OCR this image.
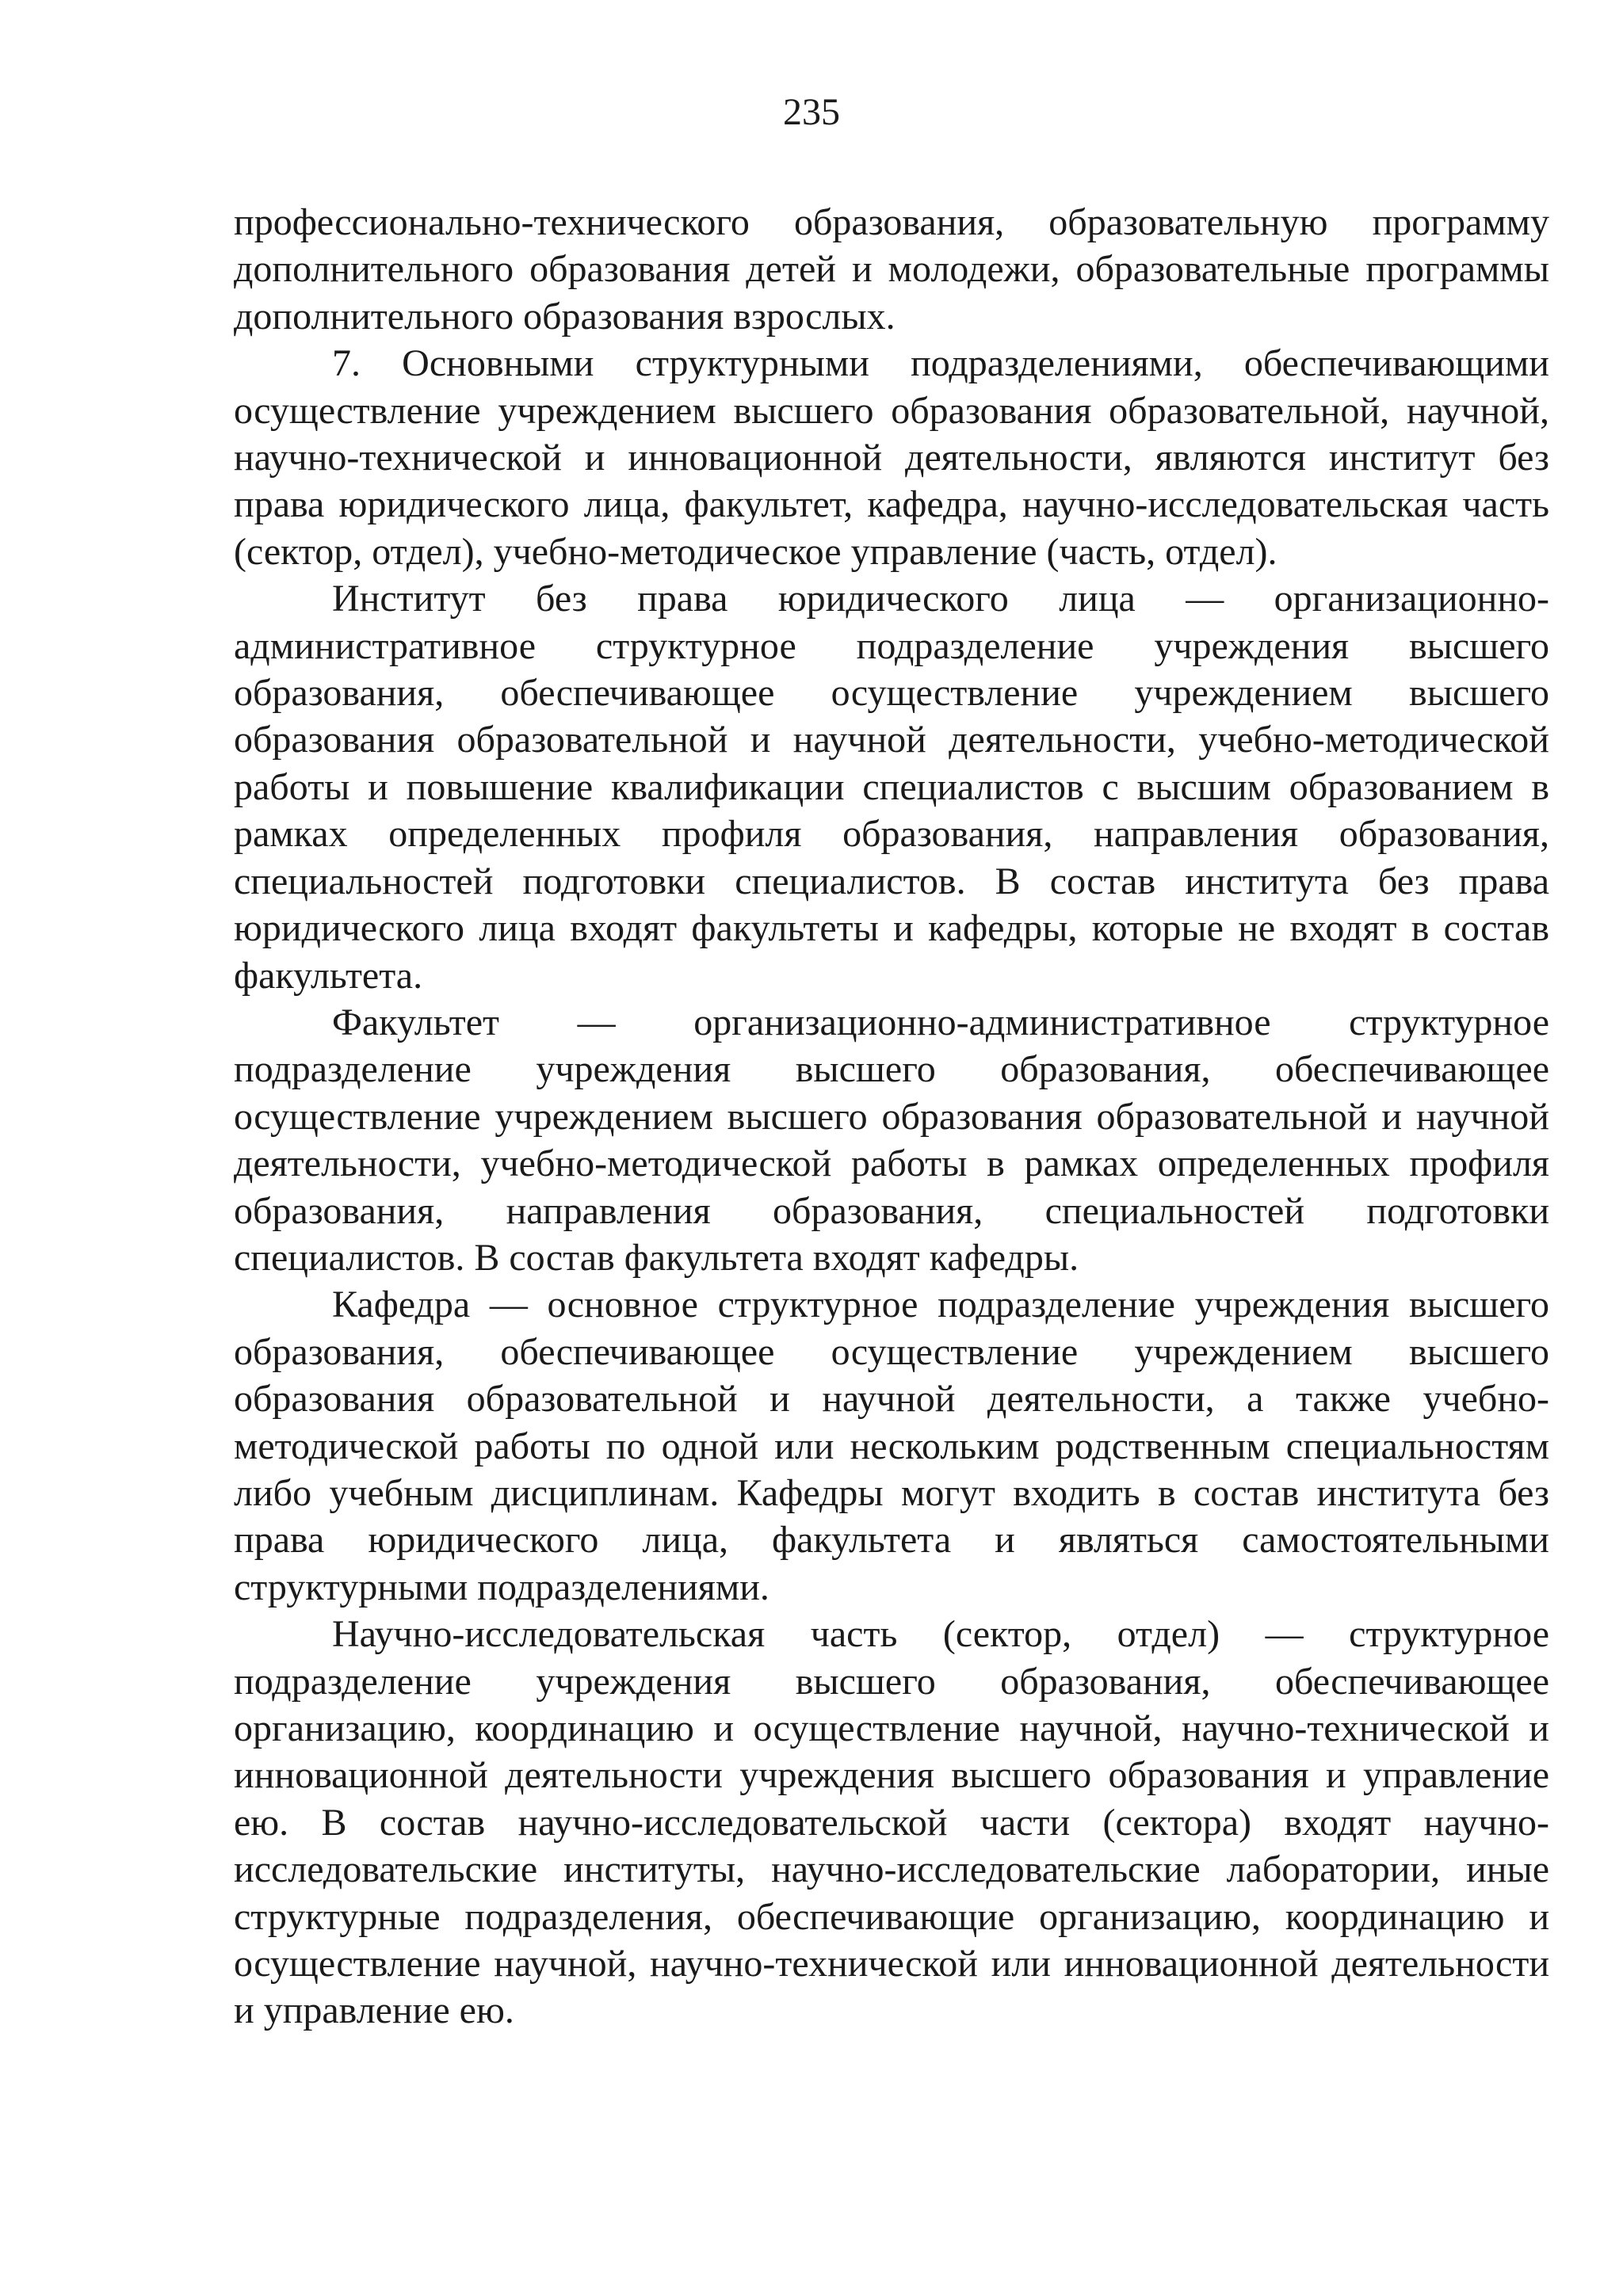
235

профессионально-технического образования, образовательную программу дополнительного образования детей и молодежи, образовательные программы дополнительного образования взрослых.

7. Основными структурными подразделениями, обеспечивающими осуществление учреждением высшего образования образовательной, научной, научно-технической и инновационной деятельности, являются институт без права юридического лица, факультет, кафедра, научно-исследовательская часть (сектор, отдел), учебно-методическое управление (часть, отдел).

Институт без права юридического лица — организационно-административное структурное подразделение учреждения высшего образования, обеспечивающее осуществление учреждением высшего образования образовательной и научной деятельности, учебно-методической работы и повышение квалификации специалистов с высшим образованием в рамках определенных профиля образования, направления образования, специальностей подготовки специалистов. В состав института без права юридического лица входят факультеты и кафедры, которые не входят в состав факультета.

Факультет — организационно-административное структурное подразделение учреждения высшего образования, обеспечивающее осуществление учреждением высшего образования образовательной и научной деятельности, учебно-методической работы в рамках определенных профиля образования, направления образования, специальностей подготовки специалистов. В состав факультета входят кафедры.

Кафедра — основное структурное подразделение учреждения высшего образования, обеспечивающее осуществление учреждением высшего образования образовательной и научной деятельности, а также учебно-методической работы по одной или нескольким родственным специальностям либо учебным дисциплинам. Кафедры могут входить в состав института без права юридического лица, факультета и являться самостоятельными структурными подразделениями.

Научно-исследовательская часть (сектор, отдел) — структурное подразделение учреждения высшего образования, обеспечивающее организацию, координацию и осуществление научной, научно-технической и инновационной деятельности учреждения высшего образования и управление ею. В состав научно-исследовательской части (сектора) входят научно-исследовательские институты, научно-исследовательские лаборатории, иные структурные подразделения, обеспечивающие организацию, координацию и осуществление научной, научно-технической или инновационной деятельности и управление ею.
